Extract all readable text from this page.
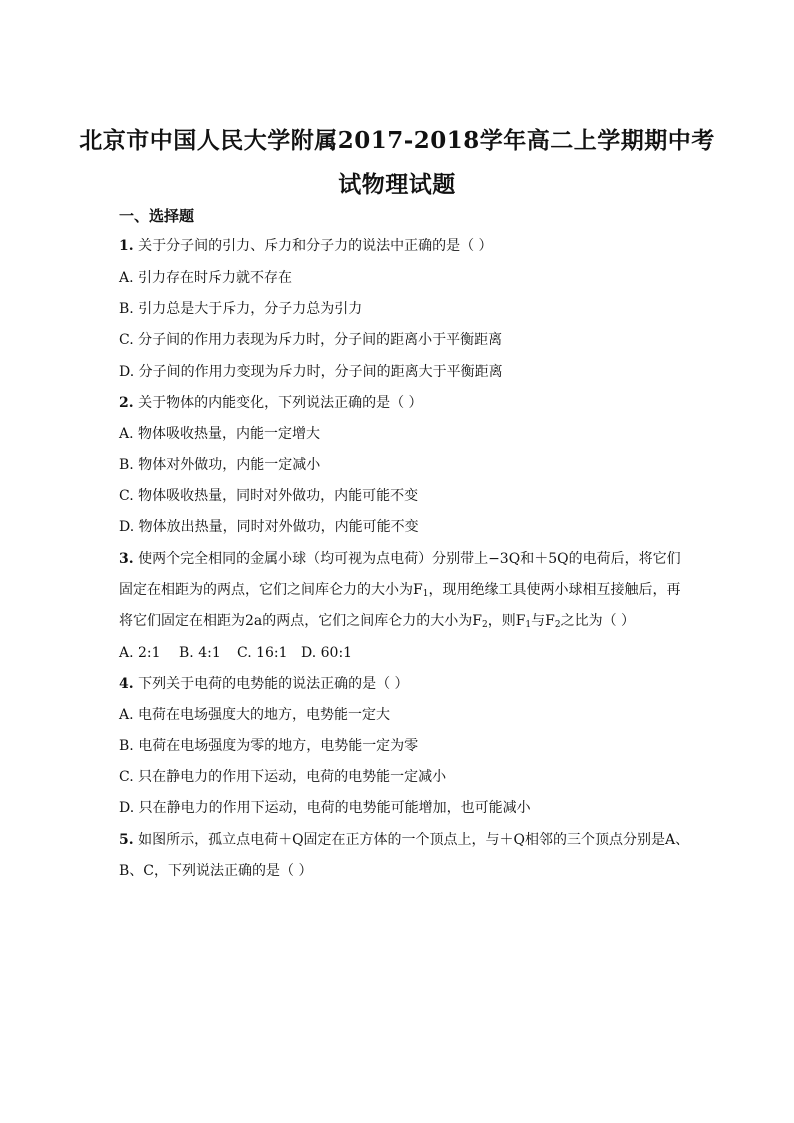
北京市中国人民大学附属2017-2018学年高二上学期期中考
试物理试题
一、选择题
1. 关于分子间的引力、斥力和分子力的说法中正确的是（ ）
A. 引力存在时斥力就不存在
B. 引力总是大于斥力，分子力总为引力
C. 分子间的作用力表现为斥力时，分子间的距离小于平衡距离
D. 分子间的作用力变现为斥力时，分子间的距离大于平衡距离
2. 关于物体的内能变化，下列说法正确的是（ ）
A. 物体吸收热量，内能一定增大
B. 物体对外做功，内能一定减小
C. 物体吸收热量，同时对外做功，内能可能不变
D. 物体放出热量，同时对外做功，内能可能不变
3. 使两个完全相同的金属小球（均可视为点电荷）分别带上−3Q和＋5Q的电荷后，将它们
固定在相距为的两点，它们之间库仑力的大小为$F_1$，现用绝缘工具使两小球相互接触后，再
将它们固定在相距为2a的两点，它们之间库仑力的大小为$F_2$，则$F_1$与$F_2$之比为（ ）
A. 2:1 B. 4:1 C. 16:1 D. 60:1
4. 下列关于电荷的电势能的说法正确的是（ ）
A. 电荷在电场强度大的地方，电势能一定大
B. 电荷在电场强度为零的地方，电势能一定为零
C. 只在静电力的作用下运动，电荷的电势能一定减小
D. 只在静电力的作用下运动，电荷的电势能可能增加，也可能减小
5. 如图所示，孤立点电荷＋Q固定在正方体的一个顶点上，与＋Q相邻的三个顶点分别是A、
B、C，下列说法正确的是（ ）
